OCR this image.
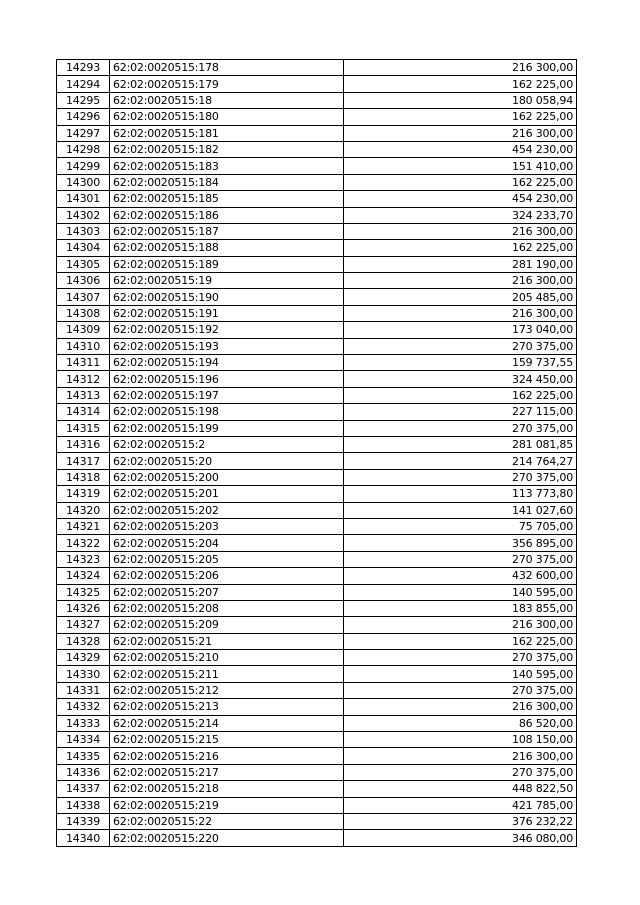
14293	62:02:0020515:178	216 300,00
14294	62:02:0020515:179	162 225,00
14295	62:02:0020515:18	180 058,94
14296	62:02:0020515:180	162 225,00
14297	62:02:0020515:181	216 300,00
14298	62:02:0020515:182	454 230,00
14299	62:02:0020515:183	151 410,00
14300	62:02:0020515:184	162 225,00
14301	62:02:0020515:185	454 230,00
14302	62:02:0020515:186	324 233,70
14303	62:02:0020515:187	216 300,00
14304	62:02:0020515:188	162 225,00
14305	62:02:0020515:189	281 190,00
14306	62:02:0020515:19	216 300,00
14307	62:02:0020515:190	205 485,00
14308	62:02:0020515:191	216 300,00
14309	62:02:0020515:192	173 040,00
14310	62:02:0020515:193	270 375,00
14311	62:02:0020515:194	159 737,55
14312	62:02:0020515:196	324 450,00
14313	62:02:0020515:197	162 225,00
14314	62:02:0020515:198	227 115,00
14315	62:02:0020515:199	270 375,00
14316	62:02:0020515:2	281 081,85
14317	62:02:0020515:20	214 764,27
14318	62:02:0020515:200	270 375,00
14319	62:02:0020515:201	113 773,80
14320	62:02:0020515:202	141 027,60
14321	62:02:0020515:203	75 705,00
14322	62:02:0020515:204	356 895,00
14323	62:02:0020515:205	270 375,00
14324	62:02:0020515:206	432 600,00
14325	62:02:0020515:207	140 595,00
14326	62:02:0020515:208	183 855,00
14327	62:02:0020515:209	216 300,00
14328	62:02:0020515:21	162 225,00
14329	62:02:0020515:210	270 375,00
14330	62:02:0020515:211	140 595,00
14331	62:02:0020515:212	270 375,00
14332	62:02:0020515:213	216 300,00
14333	62:02:0020515:214	86 520,00
14334	62:02:0020515:215	108 150,00
14335	62:02:0020515:216	216 300,00
14336	62:02:0020515:217	270 375,00
14337	62:02:0020515:218	448 822,50
14338	62:02:0020515:219	421 785,00
14339	62:02:0020515:22	376 232,22
14340	62:02:0020515:220	346 080,00
